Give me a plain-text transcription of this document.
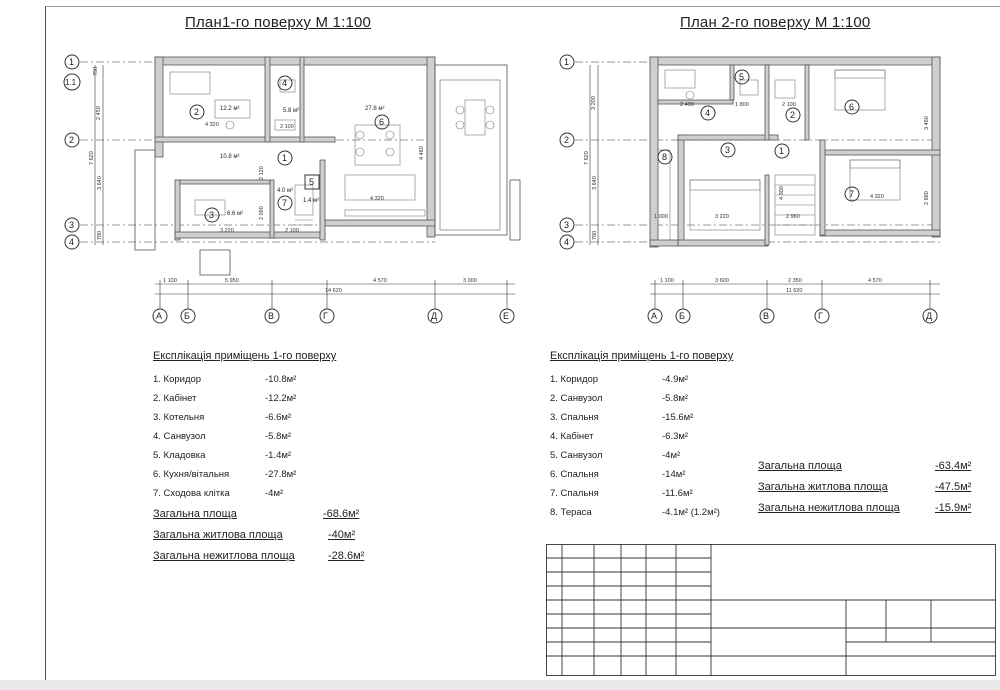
План1-го поверху М 1:100	План 2-го поверху М 1:100
2	12.2 м²
1
10.8 м²
3 6.6 м²
4
5.8 м²
5
1.4 м²
6
27.8 м²
7
4.0 м²
1
1.1
2
3
4
А Б	В	Г	Д	Е
1 100	5 950	4 570	3 000
14 620
750
2 450
7 620
3 640
780
4 320	2 100
3 220	2 100
4 320
2 120
2 090
4 460	1
2
3
4
5
6
7
8
1
2
3
4
А Б	В	Г	Д
1 100	3 600	2 350	4 570
11 620
3 200
7 620
3 640
780
2 400	1 800	2 100
3 220
4 320
1 000	2 960
3 460
2 880
4 300
Експлікація приміщень 1-го поверху
1. Коридор	-10.8м²
2. Кабінет	-12.2м²
3. Котельня	-6.6м²
4. Санвузол	-5.8м²
5. Кладовка	-1.4м²
6. Кухня/вітальня	-27.8м²
7. Сходова клітка	-4м²
Загальна площа	-68.6м²
Загальна житлова площа	-40м²
Загальна нежитлова площа	-28.6м²
Експлікація приміщень 1-го поверху
1. Коридор	-4.9м²
2. Санвузол	-5.8м²
3. Спальня	-15.6м²
4. Кабінет	-6.3м²
5. Санвузол	-4м²
6. Спальня	-14м²
7. Спальня	-11.6м²
8. Тераса	-4.1м² (1.2м²)
Загальна площа	-63.4м²
Загальна житлова площа	-47.5м²
Загальна нежитлова площа	-15.9м²
